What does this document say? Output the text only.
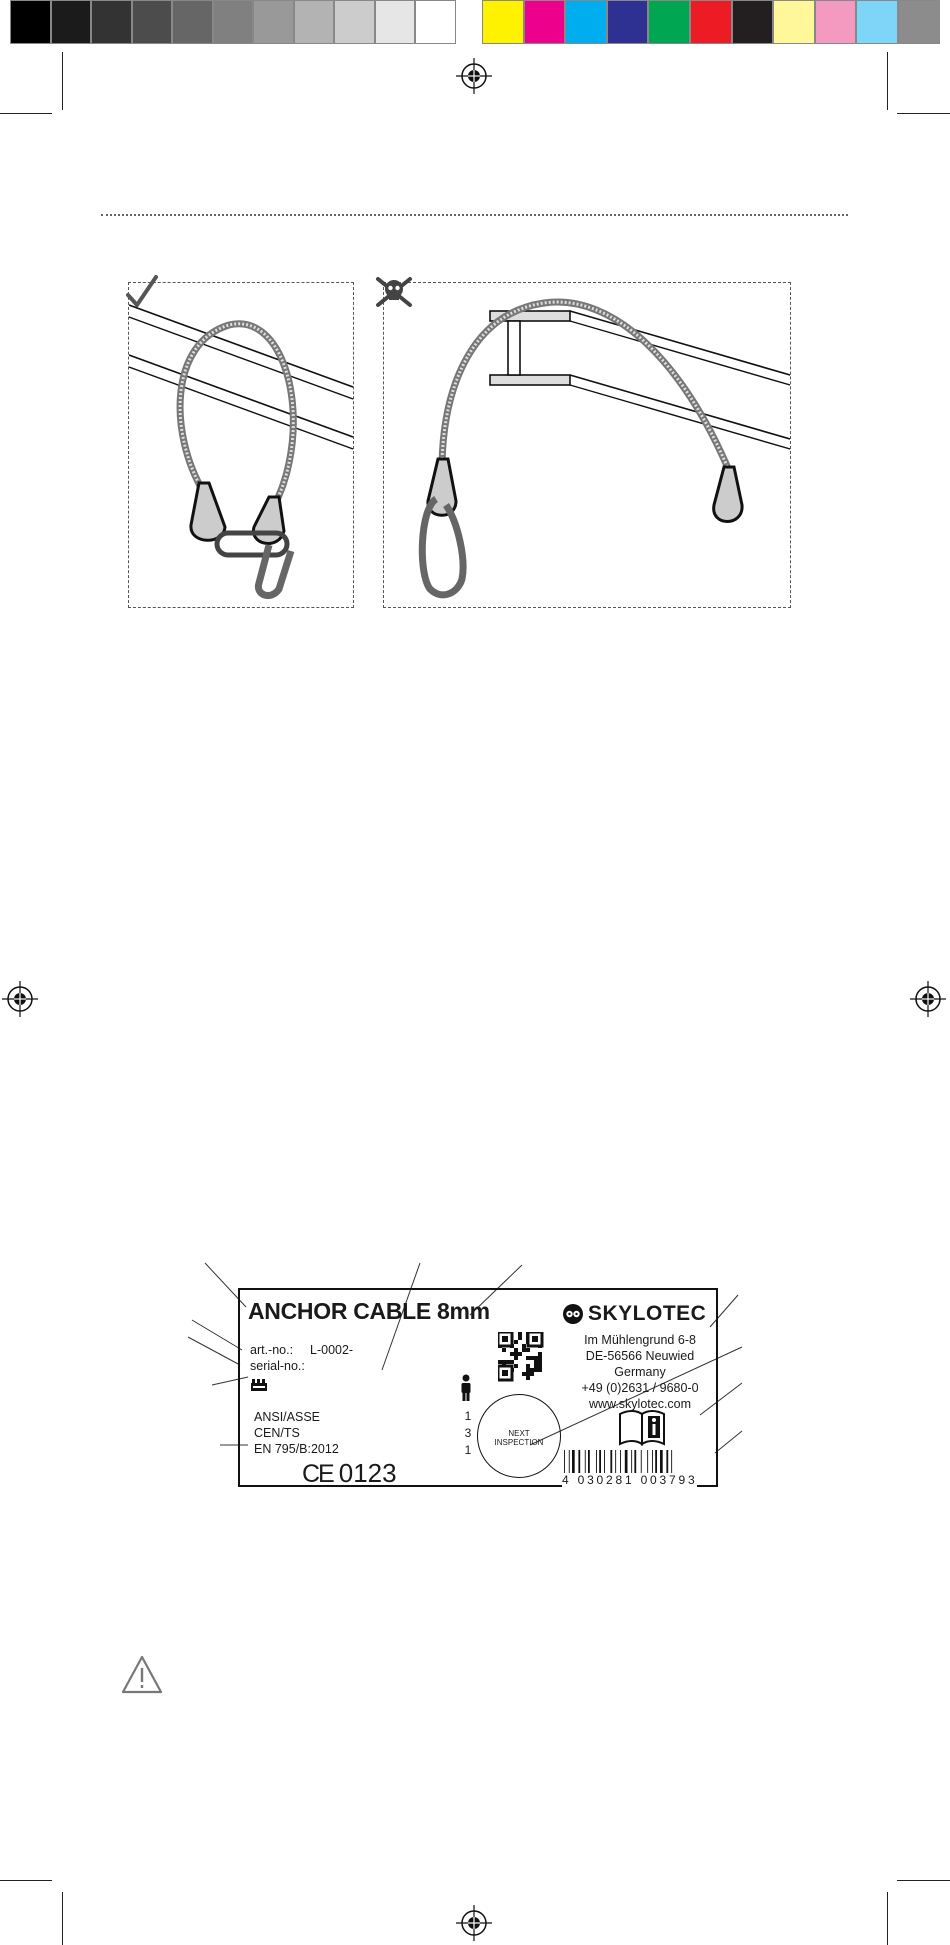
ANCHOR CABLE 8mm
art.-no.: L-0002-
serial-no.:
ANSI/ASSE
CEN/TS
EN 795/B:2012
CE 0123
1
3
1
NEXT
INSPECTION
SKYLOTEC
Im Mühlengrund 6-8
DE-56566 Neuwied
Germany
+49 (0)2631 / 9680-0
www.skylotec.com
4 030281 003793
